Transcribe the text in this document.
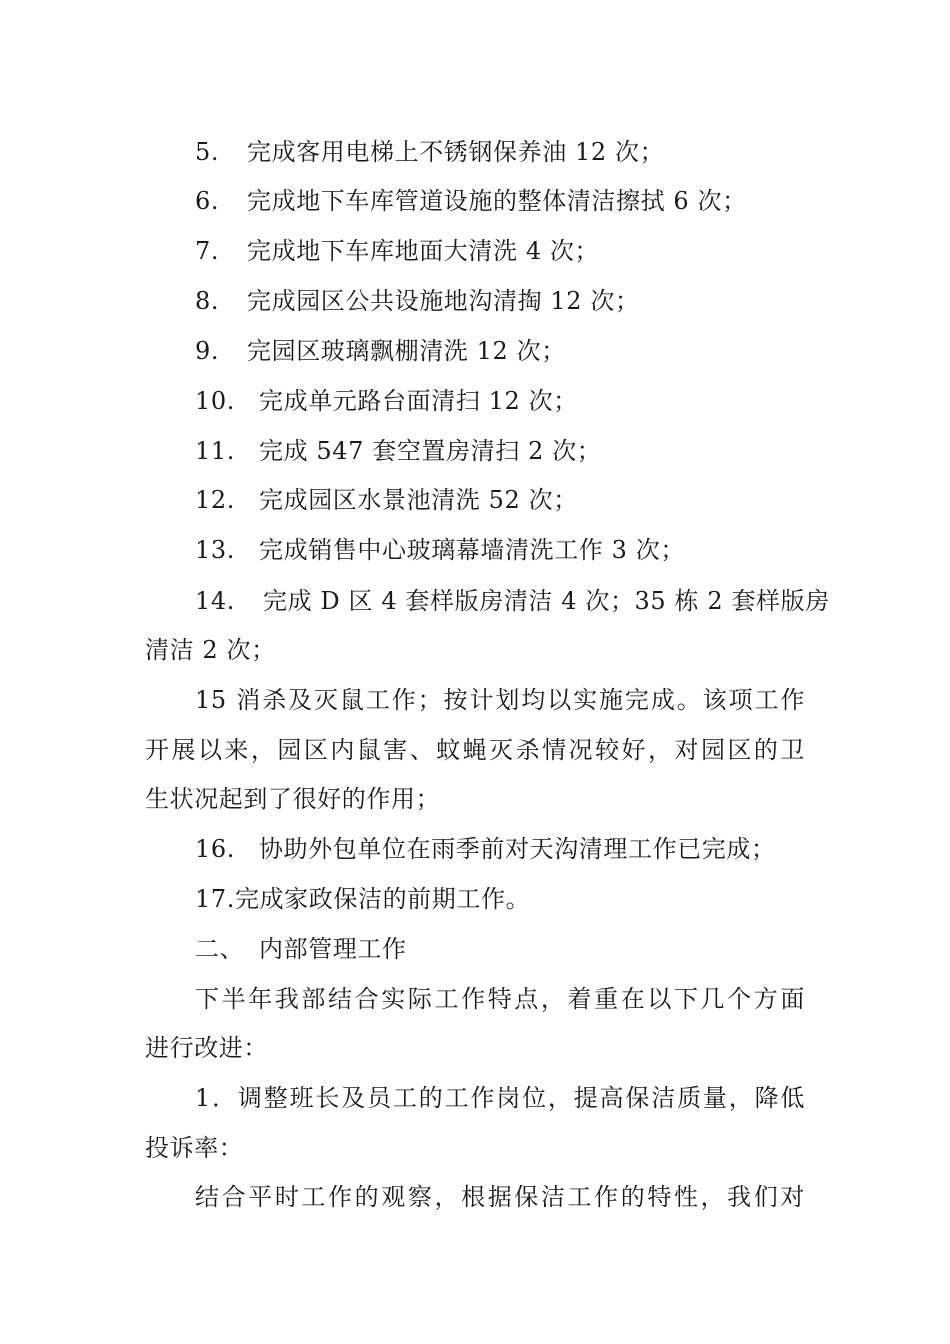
5. 完成客用电梯上不锈钢保养油 12 次；
6. 完成地下车库管道设施的整体清洁擦拭 6 次；
7. 完成地下车库地面大清洗 4 次；
8. 完成园区公共设施地沟清掏 12 次；
9. 完园区玻璃飘棚清洗 12 次；
10. 完成单元路台面清扫 12 次；
11. 完成 547 套空置房清扫 2 次；
12. 完成园区水景池清洗 52 次；
13. 完成销售中心玻璃幕墙清洗工作 3 次；
14. 完成 D 区 4 套样版房清洁 4 次；35 栋 2 套样版房
清洁 2 次；
15 消杀及灭鼠工作；按计划均以实施完成。该项工作
开展以来，园区内鼠害、蚊蝇灭杀情况较好，对园区的卫
生状况起到了很好的作用；
16. 协助外包单位在雨季前对天沟清理工作已完成；
17.完成家政保洁的前期工作。
二、 内部管理工作
下半年我部结合实际工作特点，着重在以下几个方面
进行改进：
1．调整班长及员工的工作岗位，提高保洁质量，降低
投诉率：
结合平时工作的观察，根据保洁工作的特性，我们对
